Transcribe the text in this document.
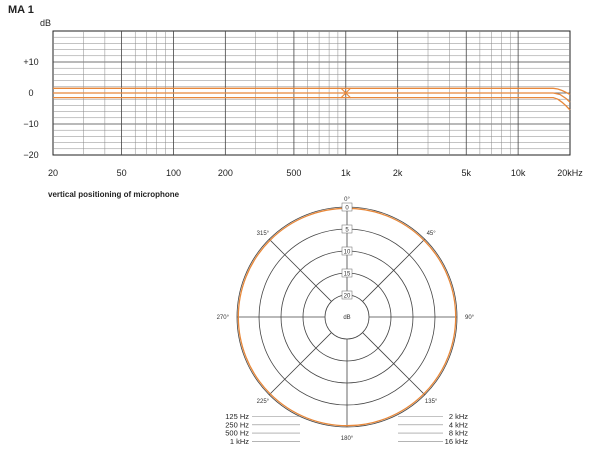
MA 1
dB
+10
0
−10
−20
20	50	100	200	500	1k	2k	5k	10k	20kHz
vertical positioning of microphone
0
5
10
15
20
0°
45°
90°
135°
180°
225°
270°
315°
dB
125 Hz
250 Hz
500 Hz
1 kHz
2 kHz
4 kHz
8 kHz
16 kHz
